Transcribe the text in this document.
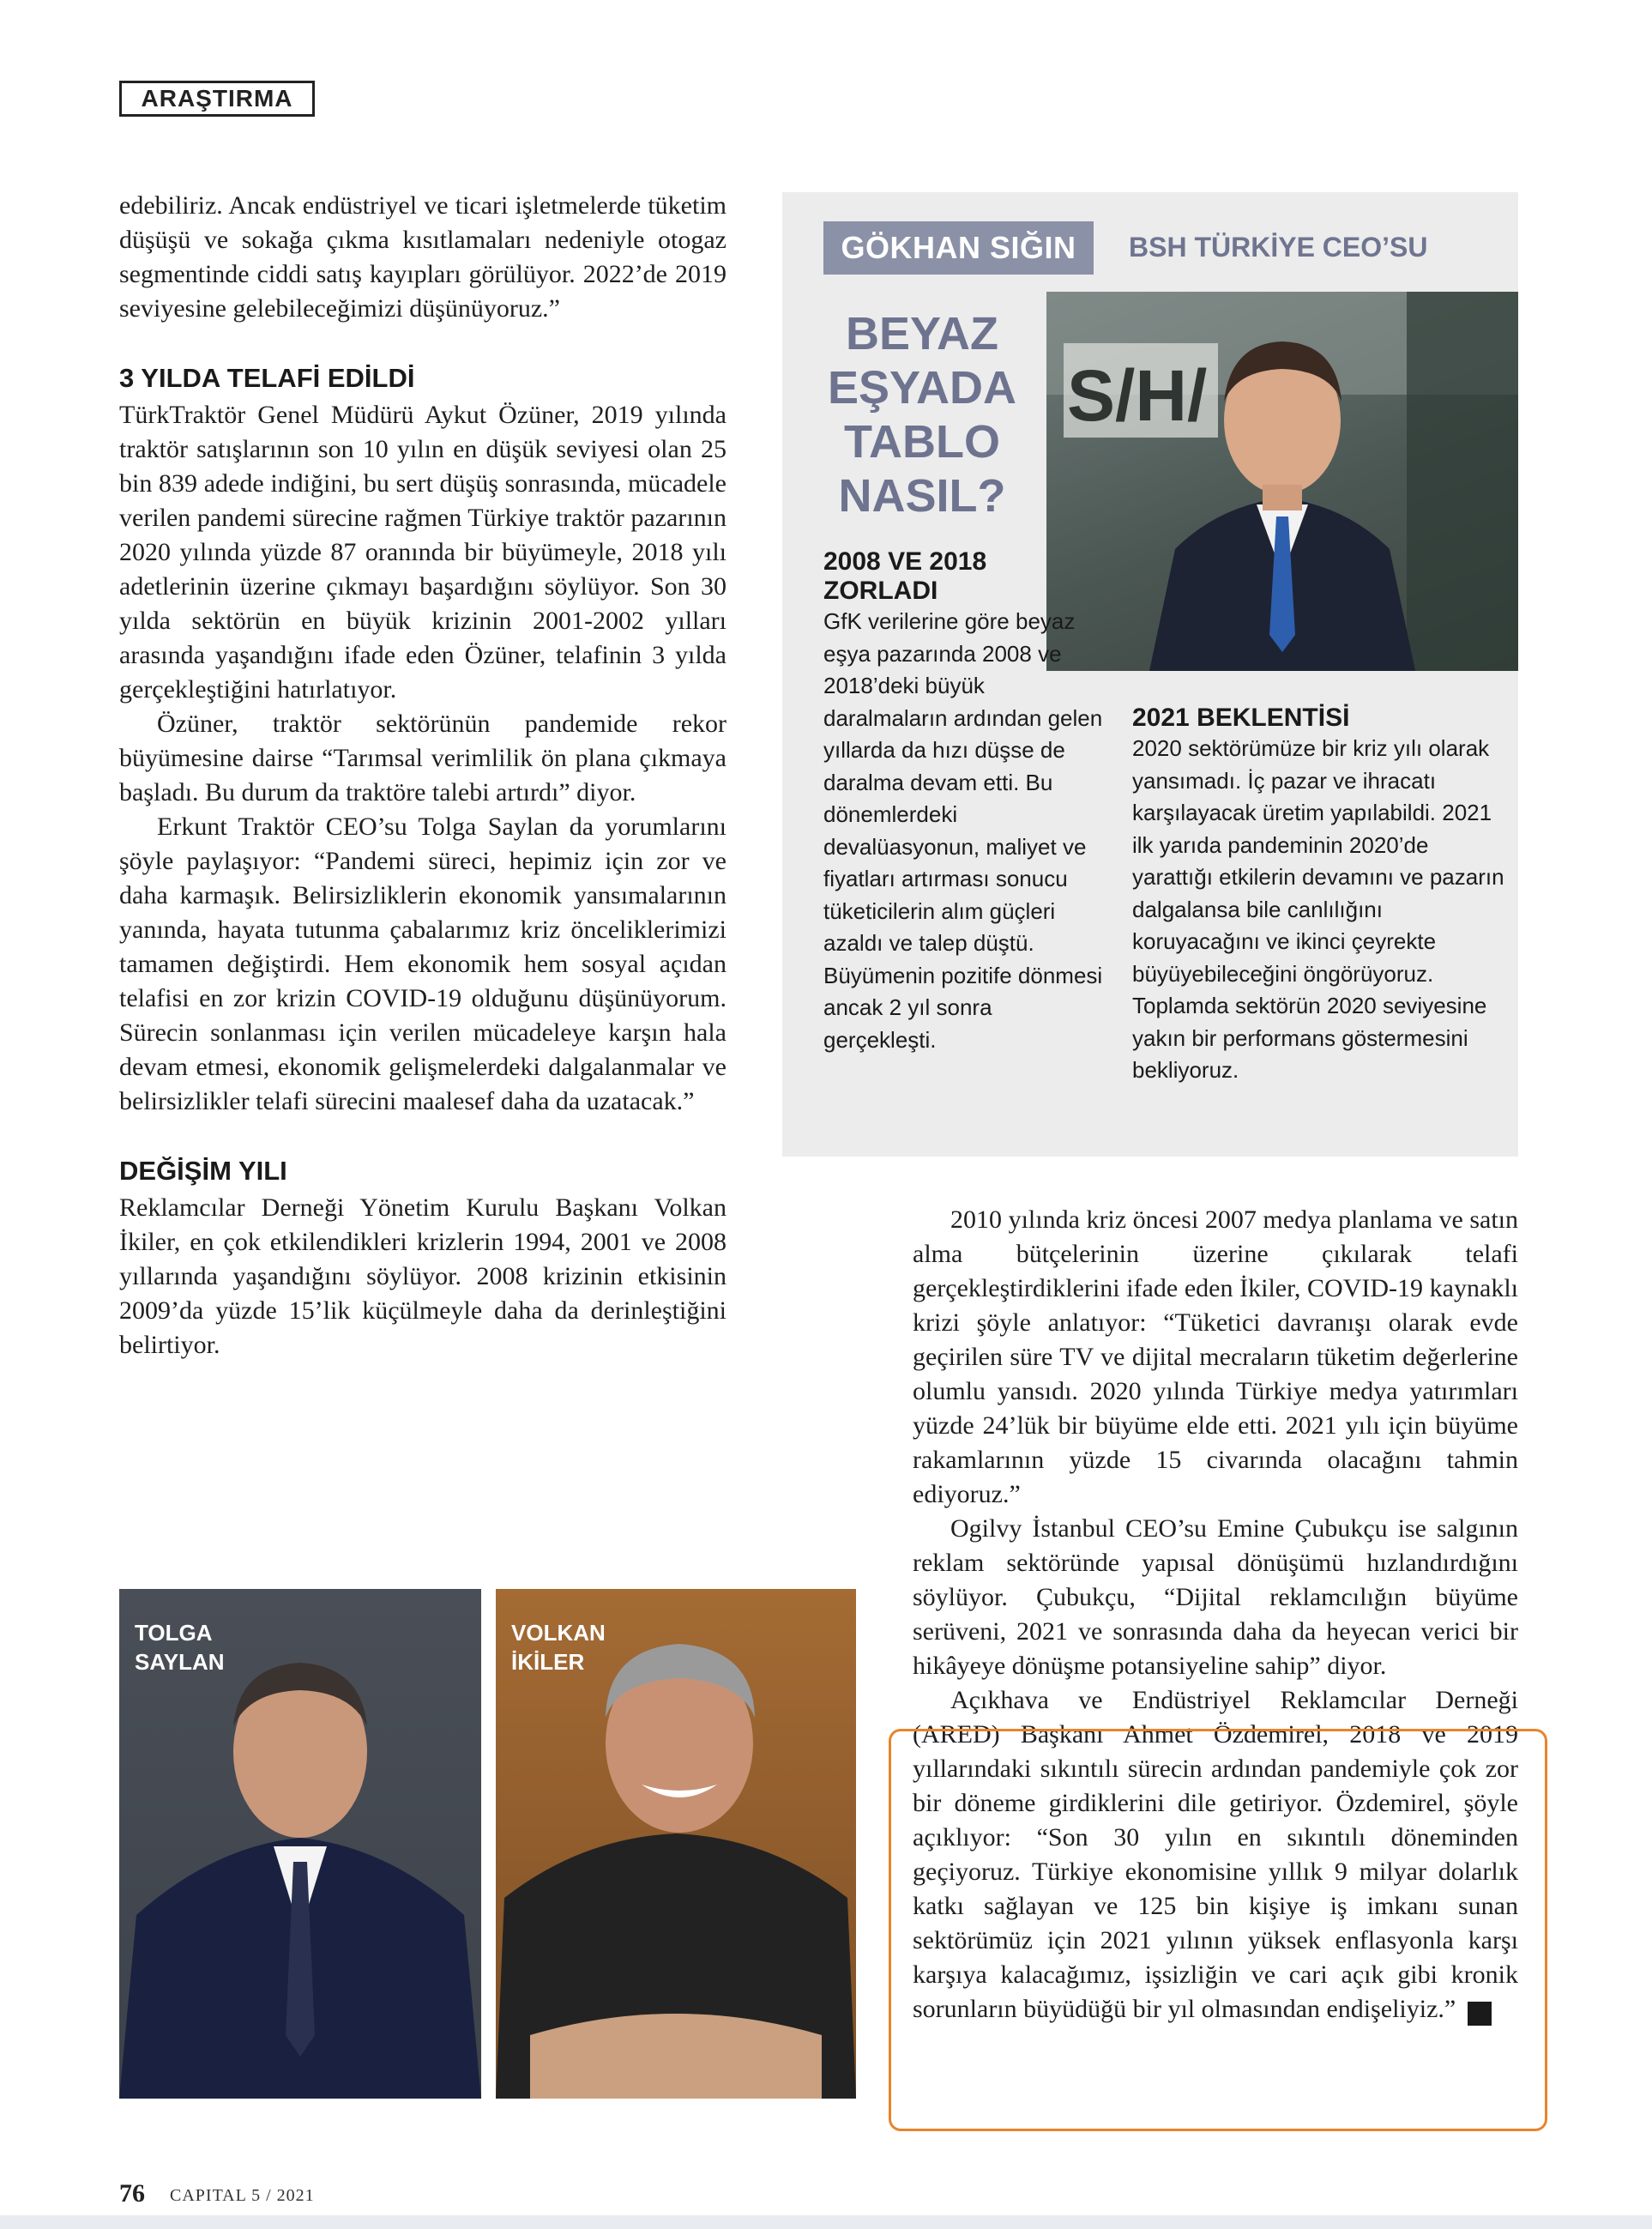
ARAŞTIRMA

edebiliriz. Ancak endüstriyel ve ticari işletmelerde tüketim düşüşü ve sokağa çıkma kısıtlamaları nedeniyle otogaz segmentinde ciddi satış kayıpları görülüyor. 2022’de 2019 seviyesine gelebileceğimizi düşünüyoruz.”

3 YILDA TELAFİ EDİLDİ

TürkTraktör Genel Müdürü Aykut Özüner, 2019 yılında traktör satışlarının son 10 yılın en düşük seviyesi olan 25 bin 839 adede indiğini, bu sert düşüş sonrasında, mücadele verilen pandemi sürecine rağmen Türkiye traktör pazarının 2020 yılında yüzde 87 oranında bir büyümeyle, 2018 yılı adetlerinin üzerine çıkmayı başardığını söylüyor. Son 30 yılda sektörün en büyük krizinin 2001-2002 yılları arasında yaşandığını ifade eden Özüner, telafinin 3 yılda gerçekleştiğini hatırlatıyor.

Özüner, traktör sektörünün pandemide rekor büyümesine dairse “Tarımsal verimlilik ön plana çıkmaya başladı. Bu durum da traktöre talebi artırdı” diyor.

Erkunt Traktör CEO’su Tolga Saylan da yorumlarını şöyle paylaşıyor: “Pandemi süreci, hepimiz için zor ve daha karmaşık. Belirsizliklerin ekonomik yansımalarının yanında, hayata tutunma çabalarımız kriz önceliklerimizi tamamen değiştirdi. Hem ekonomik hem sosyal açıdan telafisi en zor krizin COVID-19 olduğunu düşünüyorum. Sürecin sonlanması için verilen mücadeleye karşın hala devam etmesi, ekonomik gelişmelerdeki dalgalanmalar ve belirsizlikler telafi sürecini maalesef daha da uzatacak.”

DEĞİŞİM YILI

Reklamcılar Derneği Yönetim Kurulu Başkanı Volkan İkiler, en çok etkilendikleri krizlerin 1994, 2001 ve 2008 yıllarında yaşandığını söylüyor. 2008 krizinin etkisinin 2009’da yüzde 15’lik küçülmeyle daha da derinleştiğini belirtiyor.

GÖKHAN SIĞIN	BSH TÜRKİYE CEO’SU
BEYAZ EŞYADA TABLO NASIL?
S/H/

2008 VE 2018 ZORLADI

GfK verilerine göre beyaz eşya pazarında 2008 ve 2018’deki büyük daralmaların ardından gelen yıllarda da hızı düşse de daralma devam etti. Bu dönemlerdeki devalüasyonun, maliyet ve fiyatları artırması sonucu tüketicilerin alım güçleri azaldı ve talep düştü. Büyümenin pozitife dönmesi ancak 2 yıl sonra gerçekleşti.

2021 BEKLENTİSİ

2020 sektörümüze bir kriz yılı olarak yansımadı. İç pazar ve ihracatı karşılayacak üretim yapılabildi. 2021 ilk yarıda pandeminin 2020’de yarattığı etkilerin devamını ve pazarın dalgalansa bile canlılığını koruyacağını ve ikinci çeyrekte büyüyebileceğini öngörüyoruz. Toplamda sektörün 2020 seviyesine yakın bir performans göstermesini bekliyoruz.

TOLGA
SAYLAN
VOLKAN
İKİLER

2010 yılında kriz öncesi 2007 medya planlama ve satın alma bütçelerinin üzerine çıkılarak telafi gerçekleştirdiklerini ifade eden İkiler, COVID-19 kaynaklı krizi şöyle anlatıyor: “Tüketici davranışı olarak evde geçirilen süre TV ve dijital mecraların tüketim değerlerine olumlu yansıdı. 2020 yılında Türkiye medya yatırımları yüzde 24’lük bir büyüme elde etti. 2021 yılı için büyüme rakamlarının yüzde 15 civarında olacağını tahmin ediyoruz.”

Ogilvy İstanbul CEO’su Emine Çubukçu ise salgının reklam sektöründe yapısal dönüşümü hızlandırdığını söylüyor. Çubukçu, “Dijital reklamcılığın büyüme serüveni, 2021 ve sonrasında daha da heyecan verici bir hikâyeye dönüşme potansiyeline sahip” diyor.

Açıkhava ve Endüstriyel Reklamcılar Derneği (ARED) Başkanı Ahmet Özdemirel, 2018 ve 2019 yıllarındaki sıkıntılı sürecin ardından pandemiyle çok zor bir döneme girdiklerini dile getiriyor. Özdemirel, şöyle açıklıyor: “Son 30 yılın en sıkıntılı döneminden geçiyoruz. Türkiye ekonomisine yıllık 9 milyar dolarlık katkı sağlayan ve 125 bin kişiye iş imkanı sunan sektörümüz için 2021 yılının yüksek enflasyonla karşı karşıya kalacağımız, işsizliğin ve cari açık gibi kronik sorunların büyüdüğü bir yıl olmasından endişeliyiz.” C

76 CAPITAL 5 / 2021
